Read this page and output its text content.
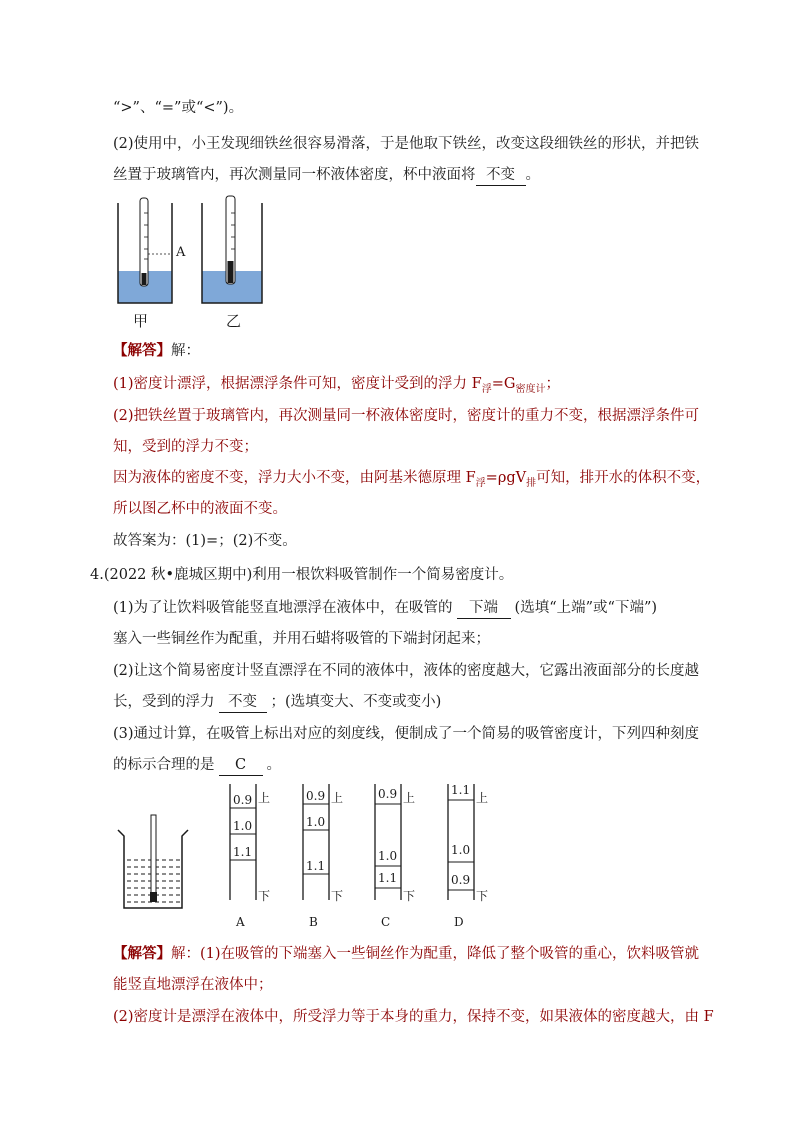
“>”、“=”或“<”)。
(2)使用中，小王发现细铁丝很容易滑落，于是他取下铁丝，改变这段细铁丝的形状，并把铁
丝置于玻璃管内，再次测量同一杯液体密度，杯中液面将 不变 。
A
甲	乙
【解答】解：
(1)密度计漂浮，根据漂浮条件可知，密度计受到的浮力 $F_浮=G_{密度计}$；
(2)把铁丝置于玻璃管内，再次测量同一杯液体密度时，密度计的重力不变，根据漂浮条件可
知，受到的浮力不变；
因为液体的密度不变，浮力大小不变，由阿基米德原理 $F_浮=\rho gV_排$可知，排开水的体积不变，
所以图乙杯中的液面不变。
故答案为：(1)=；(2)不变。
4.(2022 秋•鹿城区期中)利用一根饮料吸管制作一个简易密度计。
(1)为了让饮料吸管能竖直地漂浮在液体中，在吸管的 下端 (选填“上端”或“下端”)
塞入一些铜丝作为配重，并用石蜡将吸管的下端封闭起来；
(2)让这个简易密度计竖直漂浮在不同的液体中，液体的密度越大，它露出液面部分的长度越
长，受到的浮力 不变 ；(选填变大、不变或变小)
(3)通过计算，在吸管上标出对应的刻度线，便制成了一个简易的吸管密度计，下列四种刻度
的标示合理的是 C 。
0.9
1.0
1.1
上
下
A
0.9
1.0
1.1
上
下
B
0.9
1.0
1.1
上
下
C
1.1
1.0
0.9
上
下
D
【解答】解：(1)在吸管的下端塞入一些铜丝作为配重，降低了整个吸管的重心，饮料吸管就
能竖直地漂浮在液体中；
(2)密度计是漂浮在液体中，所受浮力等于本身的重力，保持不变，如果液体的密度越大，由 F
